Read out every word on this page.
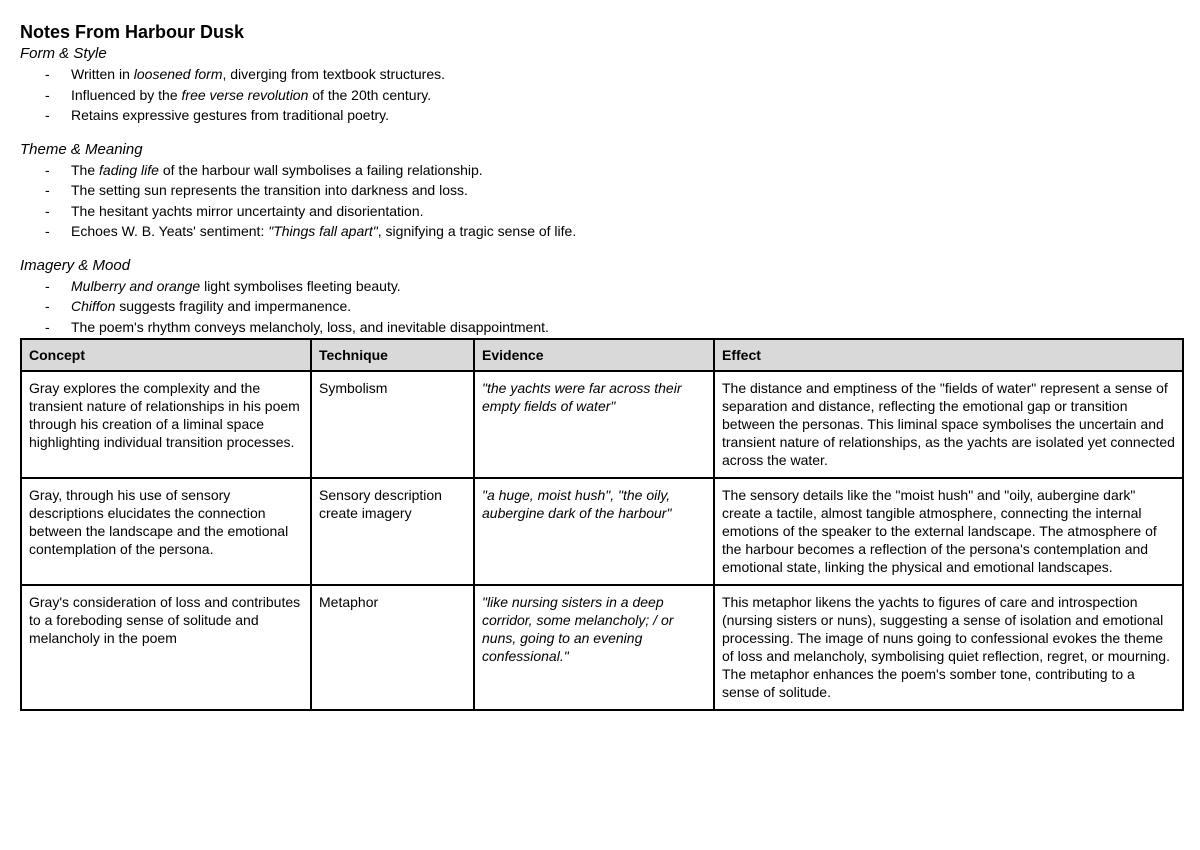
Notes From Harbour Dusk
Form & Style
- Written in loosened form, diverging from textbook structures.
- Influenced by the free verse revolution of the 20th century.
- Retains expressive gestures from traditional poetry.
Theme & Meaning
- The fading life of the harbour wall symbolises a failing relationship.
- The setting sun represents the transition into darkness and loss.
- The hesitant yachts mirror uncertainty and disorientation.
- Echoes W. B. Yeats' sentiment: "Things fall apart", signifying a tragic sense of life.
Imagery & Mood
- Mulberry and orange light symbolises fleeting beauty.
- Chiffon suggests fragility and impermanence.
- The poem's rhythm conveys melancholy, loss, and inevitable disappointment.
Concept	Technique	Evidence	Effect
Gray explores the complexity and the transient nature of relationships in his poem through his creation of a liminal space highlighting individual transition processes.	Symbolism	"the yachts were far across their empty fields of water"	The distance and emptiness of the "fields of water" represent a sense of separation and distance, reflecting the emotional gap or transition between the personas. This liminal space symbolises the uncertain and transient nature of relationships, as the yachts are isolated yet connected across the water.
Gray, through his use of sensory descriptions elucidates the connection between the landscape and the emotional contemplation of the persona.	Sensory description create imagery	"a huge, moist hush", "the oily, aubergine dark of the harbour"	The sensory details like the "moist hush" and "oily, aubergine dark" create a tactile, almost tangible atmosphere, connecting the internal emotions of the speaker to the external landscape. The atmosphere of the harbour becomes a reflection of the persona's contemplation and emotional state, linking the physical and emotional landscapes.
Gray's consideration of loss and contributes to a foreboding sense of solitude and melancholy in the poem	Metaphor	"like nursing sisters in a deep corridor, some melancholy; / or nuns, going to an evening confessional."	This metaphor likens the yachts to figures of care and introspection (nursing sisters or nuns), suggesting a sense of isolation and emotional processing. The image of nuns going to confessional evokes the theme of loss and melancholy, symbolising quiet reflection, regret, or mourning. The metaphor enhances the poem's somber tone, contributing to a sense of solitude.
